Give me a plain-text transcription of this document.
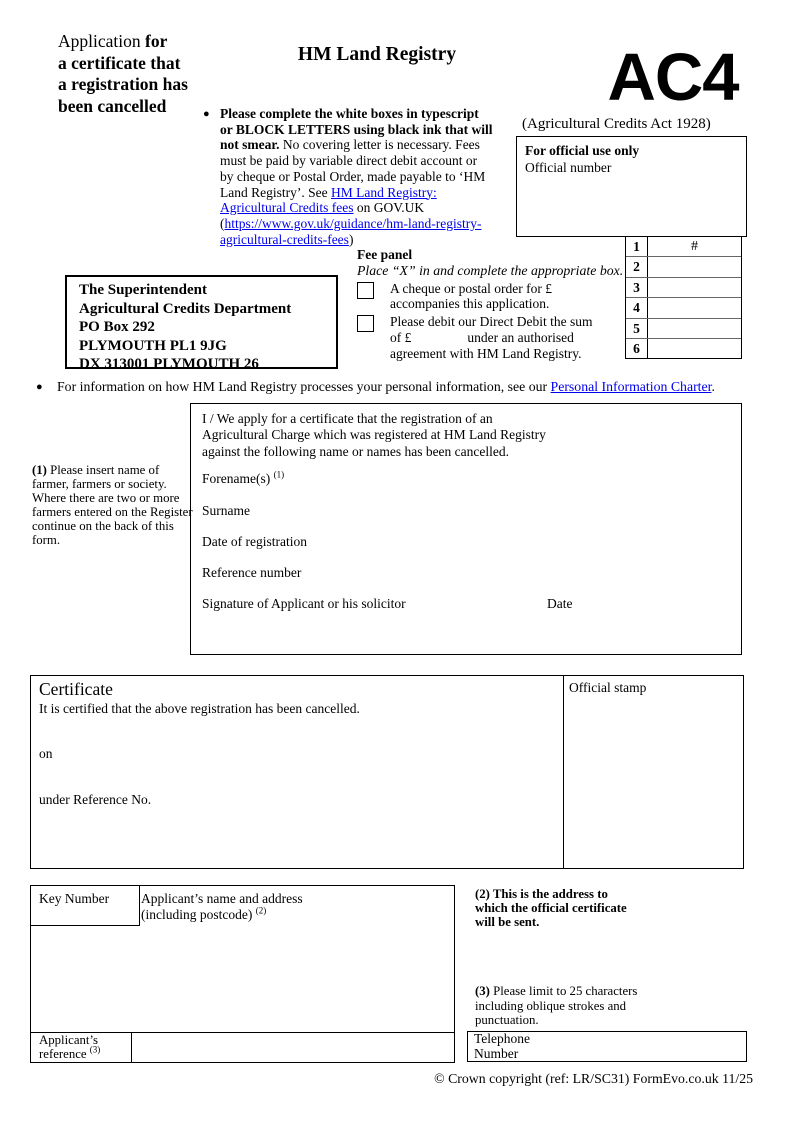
Application for
a certificate that
a registration has
been cancelled
HM Land Registry	AC4
(Agricultural Credits Act 1928)
For official use only
Official number
● Please complete the white boxes in typescript or BLOCK LETTERS using black ink that will not smear. No covering letter is necessary. Fees must be paid by variable direct debit account or by cheque or Postal Order, made payable to ‘HM Land Registry’. See HM Land Registry: Agricultural Credits fees on GOV.UK (https://www.gov.uk/guidance/hm-land-registry-agricultural-credits-fees)
Fee panel
Place “X” in and complete the appropriate box.
A cheque or postal order for £
accompanies this application.
Please debit our Direct Debit the sum
of £	under an authorised
agreement with HM Land Registry.
1	#
2
3
4
5
6
The Superintendent
Agricultural Credits Department
PO Box 292
PLYMOUTH PL1 9JG
DX 313001 PLYMOUTH 26
● For information on how HM Land Registry processes your personal information, see our Personal Information Charter.
I / We apply for a certificate that the registration of an
Agricultural Charge which was registered at HM Land Registry
against the following name or names has been cancelled.
Forename(s) $^{(1)}$
Surname
Date of registration
Reference number
Signature of Applicant or his solicitor	Date
(1) Please insert name of farmer, farmers or society. Where there are two or more farmers entered on the Register continue on the back of this form.
Certificate
It is certified that the above registration has been cancelled.
on
under Reference No.
Official stamp
Key Number	Applicant’s name and address
(including postcode) $^{(2)}$
Applicant’s
reference $^{(3)}$
(2) This is the address to which the official certificate will be sent.
(3) Please limit to 25 characters including oblique strokes and punctuation.
Telephone
Number
© Crown copyright (ref: LR/SC31) FormEvo.co.uk 11/25
